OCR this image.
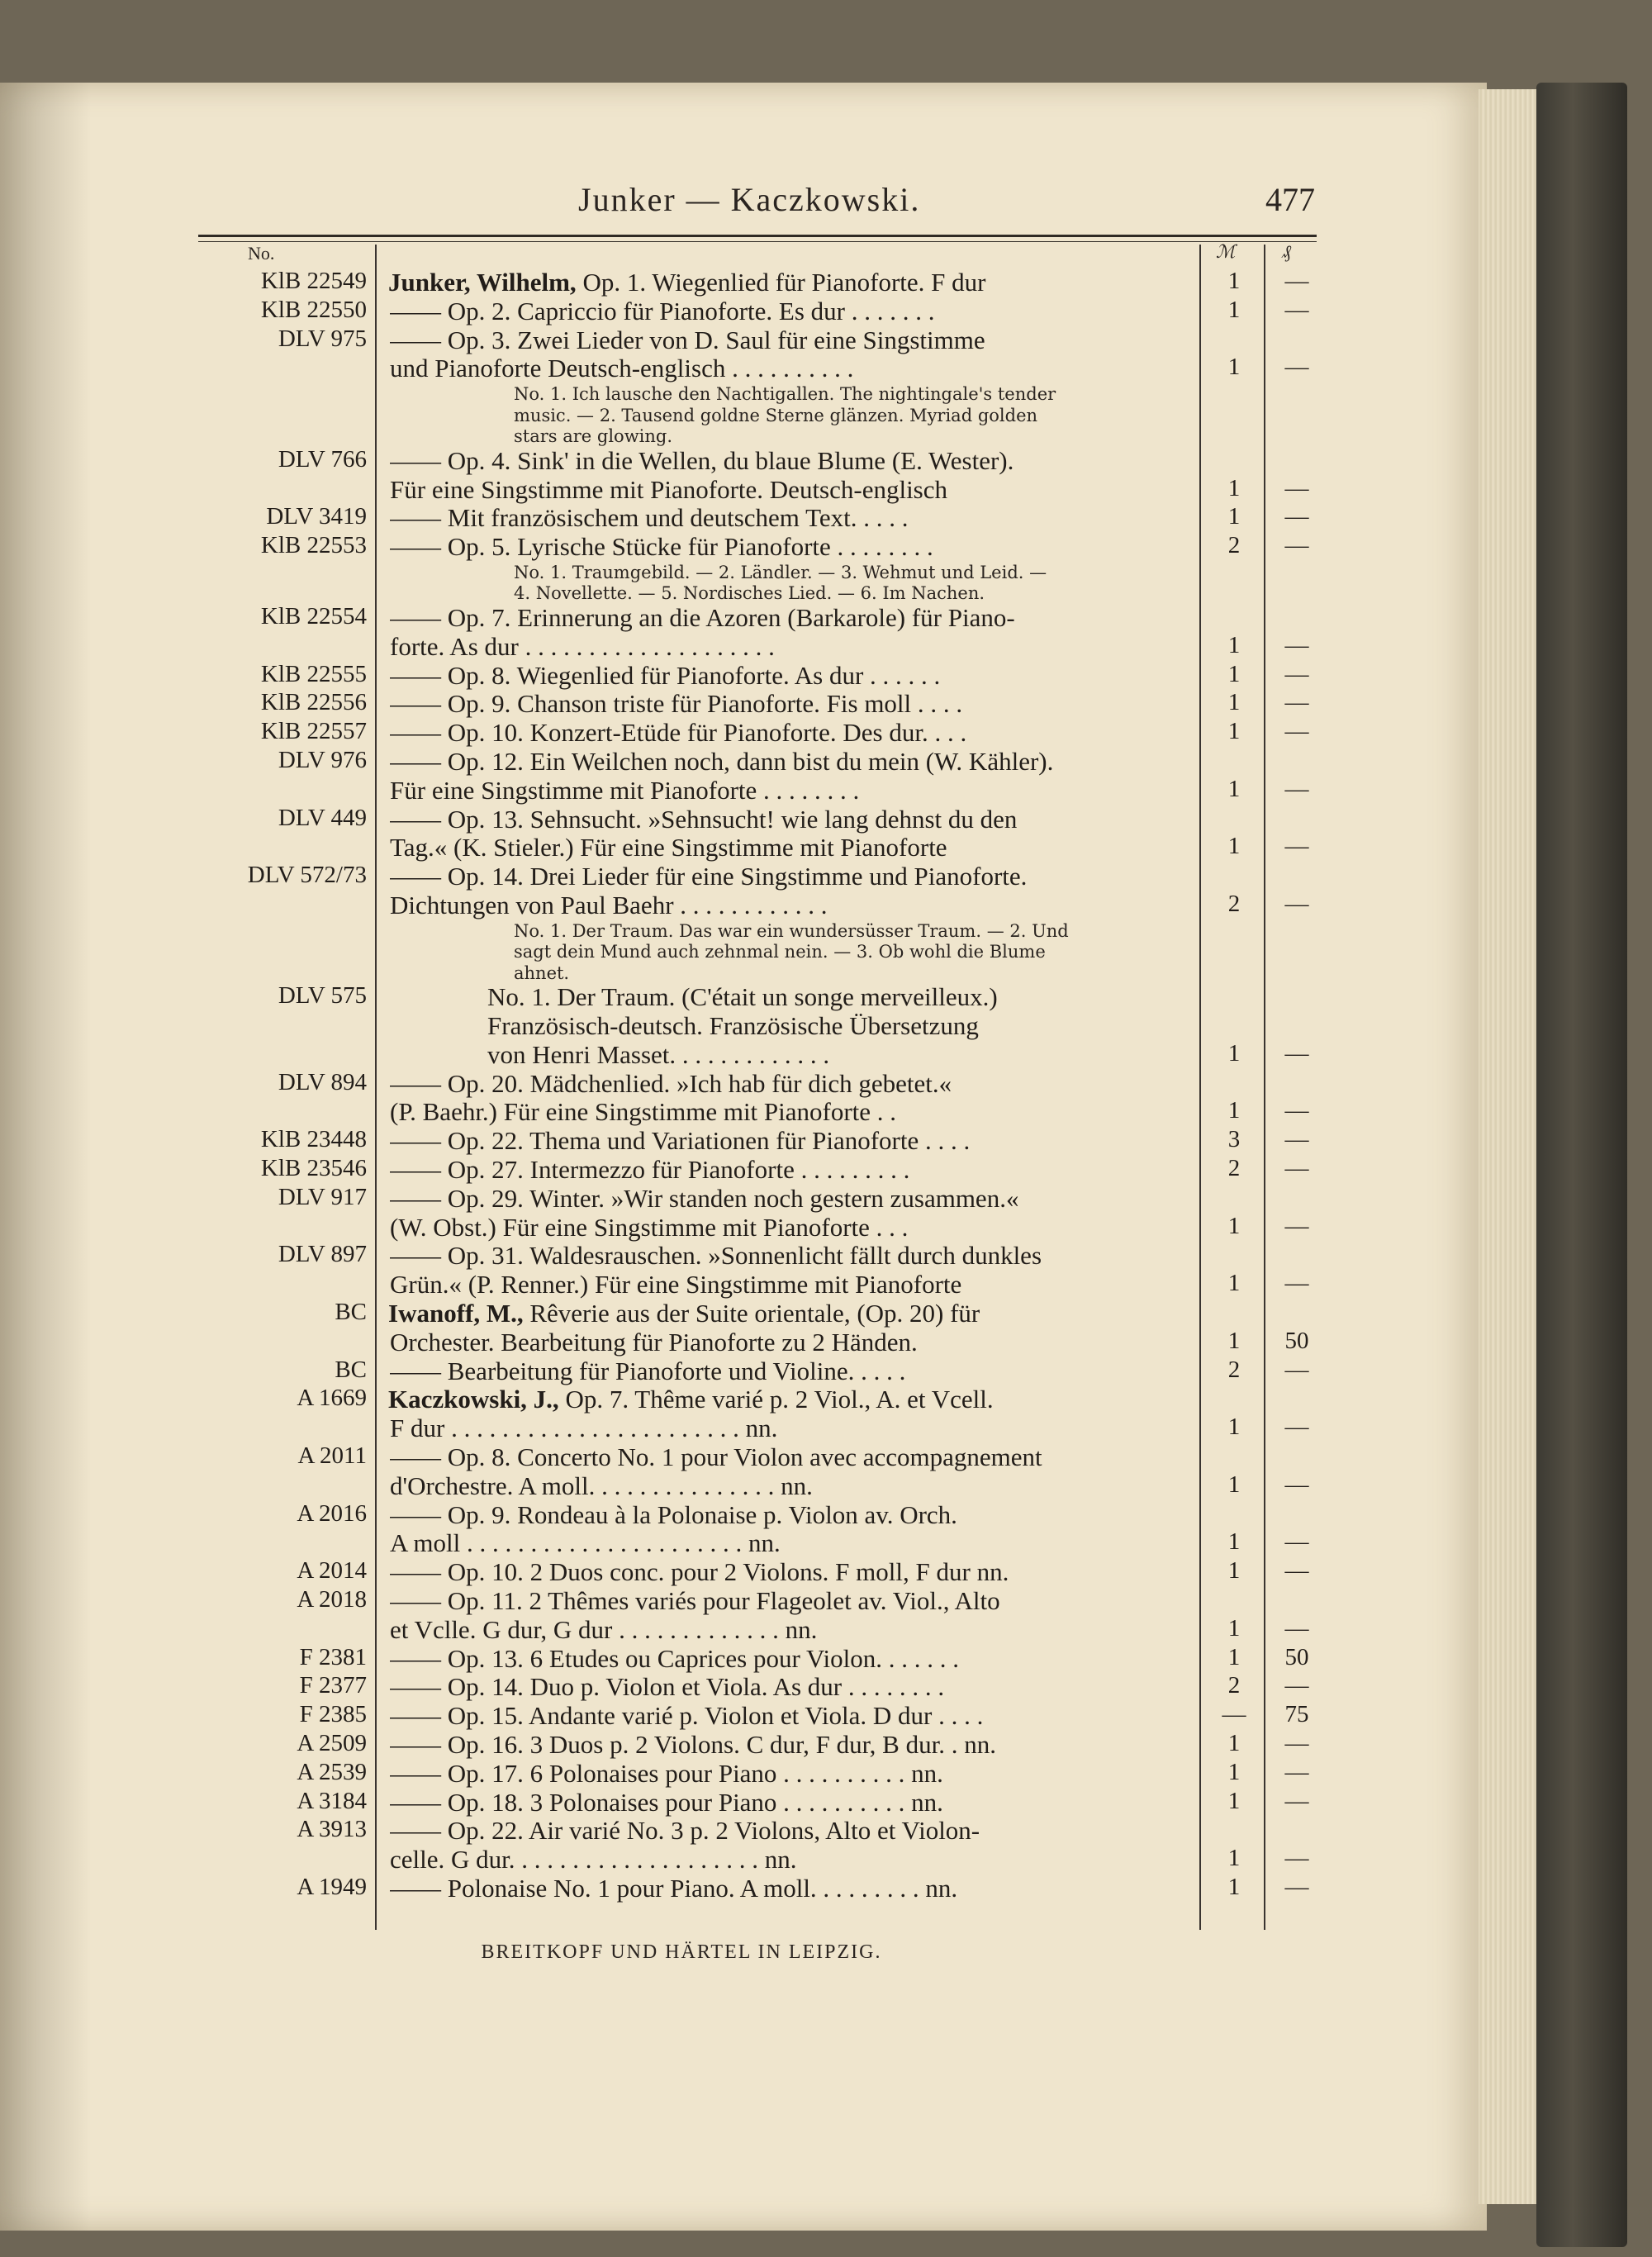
Junker — Kaczkowski.	477
No.	ℳ	₰
KlB 22549 Junker, Wilhelm, Op. 1. Wiegenlied für Pianoforte. F dur	1	—
KlB 22550 —— Op. 2. Capriccio für Pianoforte. Es dur . . . . . . .	1	—
DLV 975 —— Op. 3. Zwei Lieder von D. Saul für eine Singstimme
und Pianoforte Deutsch-englisch . . . . . . . . . .	1	—
No. 1. Ich lausche den Nachtigallen. The nightingale's tender
music. — 2. Tausend goldne Sterne glänzen. Myriad golden
stars are glowing.
DLV 766 —— Op. 4. Sink' in die Wellen, du blaue Blume (E. Wester).
Für eine Singstimme mit Pianoforte. Deutsch-englisch	1	—
DLV 3419 —— Mit französischem und deutschem Text. . . . .	1	—
KlB 22553 —— Op. 5. Lyrische Stücke für Pianoforte . . . . . . . .	2	—
No. 1. Traumgebild. — 2. Ländler. — 3. Wehmut und Leid. —
4. Novellette. — 5. Nordisches Lied. — 6. Im Nachen.
KlB 22554 —— Op. 7. Erinnerung an die Azoren (Barkarole) für Piano-
forte. As dur . . . . . . . . . . . . . . . . . . . .	1	—
KlB 22555 —— Op. 8. Wiegenlied für Pianoforte. As dur . . . . . .	1	—
KlB 22556 —— Op. 9. Chanson triste für Pianoforte. Fis moll . . . .	1	—
KlB 22557 —— Op. 10. Konzert-Etüde für Pianoforte. Des dur. . . .	1	—
DLV 976 —— Op. 12. Ein Weilchen noch, dann bist du mein (W. Kähler).
Für eine Singstimme mit Pianoforte . . . . . . . .	1	—
DLV 449 —— Op. 13. Sehnsucht. »Sehnsucht! wie lang dehnst du den
Tag.« (K. Stieler.) Für eine Singstimme mit Pianoforte	1	—
DLV 572/73 —— Op. 14. Drei Lieder für eine Singstimme und Pianoforte.
Dichtungen von Paul Baehr . . . . . . . . . . . .	2	—
No. 1. Der Traum. Das war ein wundersüsser Traum. — 2. Und
sagt dein Mund auch zehnmal nein. — 3. Ob wohl die Blume
ahnet.
DLV 575	No. 1. Der Traum. (C'était un songe merveilleux.)
Französisch-deutsch. Französische Übersetzung
von Henri Masset. . . . . . . . . . . . .	1	—
DLV 894 —— Op. 20. Mädchenlied. »Ich hab für dich gebetet.«
(P. Baehr.) Für eine Singstimme mit Pianoforte . .	1	—
KlB 23448 —— Op. 22. Thema und Variationen für Pianoforte . . . .	3	—
KlB 23546 —— Op. 27. Intermezzo für Pianoforte . . . . . . . . .	2	—
DLV 917 —— Op. 29. Winter. »Wir standen noch gestern zusammen.«
(W. Obst.) Für eine Singstimme mit Pianoforte . . .	1	—
DLV 897 —— Op. 31. Waldesrauschen. »Sonnenlicht fällt durch dunkles
Grün.« (P. Renner.) Für eine Singstimme mit Pianoforte	1	—
BC Iwanoff, M., Rêverie aus der Suite orientale, (Op. 20) für
Orchester. Bearbeitung für Pianoforte zu 2 Händen.	1	50
BC —— Bearbeitung für Pianoforte und Violine. . . . .	2	—
A 1669 Kaczkowski, J., Op. 7. Thême varié p. 2 Viol., A. et Vcell.
F dur . . . . . . . . . . . . . . . . . . . . . . . nn.	1	—
A 2011 —— Op. 8. Concerto No. 1 pour Violon avec accompagnement
d'Orchestre. A moll. . . . . . . . . . . . . . . nn.	1	—
A 2016 —— Op. 9. Rondeau à la Polonaise p. Violon av. Orch.
A moll . . . . . . . . . . . . . . . . . . . . . . nn.	1	—
A 2014 —— Op. 10. 2 Duos conc. pour 2 Violons. F moll, F dur nn.	1	—
A 2018 —— Op. 11. 2 Thêmes variés pour Flageolet av. Viol., Alto
et Vclle. G dur, G dur . . . . . . . . . . . . . nn.	1	—
F 2381 —— Op. 13. 6 Etudes ou Caprices pour Violon. . . . . . .	1	50
F 2377 —— Op. 14. Duo p. Violon et Viola. As dur . . . . . . . .	2	—
F 2385 —— Op. 15. Andante varié p. Violon et Viola. D dur . . . .	— 75
A 2509 —— Op. 16. 3 Duos p. 2 Violons. C dur, F dur, B dur. . nn.	1	—
A 2539 —— Op. 17. 6 Polonaises pour Piano . . . . . . . . . . nn.	1	—
A 3184 —— Op. 18. 3 Polonaises pour Piano . . . . . . . . . . nn.	1	—
A 3913 —— Op. 22. Air varié No. 3 p. 2 Violons, Alto et Violon-
celle. G dur. . . . . . . . . . . . . . . . . . . . nn.	1	—
A 1949 —— Polonaise No. 1 pour Piano. A moll. . . . . . . . . nn.	1	—
BREITKOPF UND HÄRTEL IN LEIPZIG.
